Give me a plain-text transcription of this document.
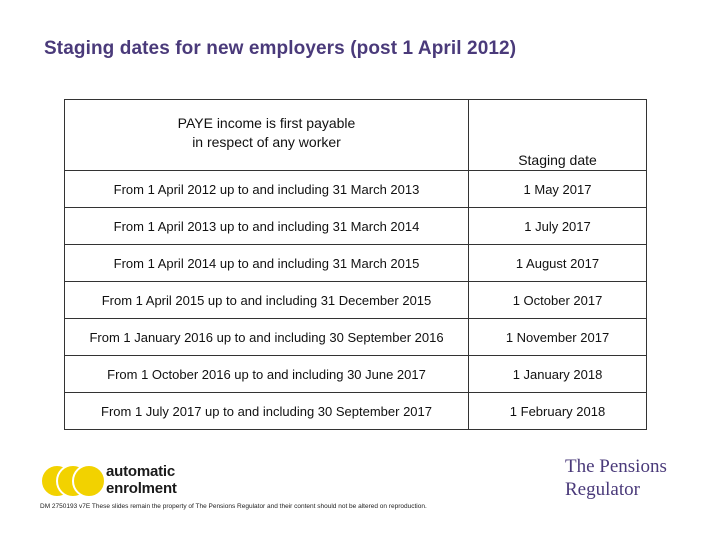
Staging dates for new employers (post 1 April 2012)
PAYE income is first payable
in respect of any worker	Staging date
From 1 April 2012 up to and including 31 March 2013	1 May 2017
From 1 April 2013 up to and including 31 March 2014	1 July 2017
From 1 April 2014 up to and including 31 March 2015	1 August 2017
From 1 April 2015 up to and including 31 December 2015	1 October 2017
From 1 January 2016 up to and including 30 September 2016	1 November 2017
From 1 October 2016 up to and including 30 June 2017	1 January 2018
From 1 July 2017 up to and including 30 September 2017	1 February 2018
automatic
enrolment
The Pensions
Regulator
DM 2750193 v7E These slides remain the property of The Pensions Regulator and their content should not be altered on reproduction.
